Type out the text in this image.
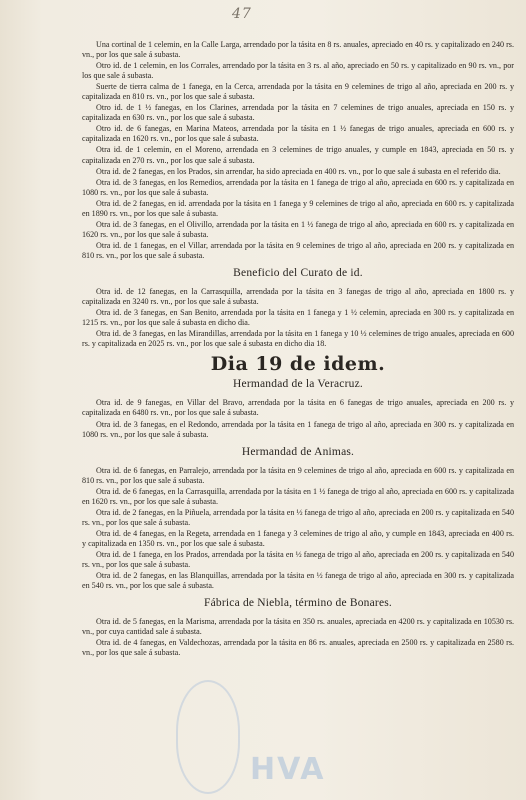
47
HVA

Una cortinal de 1 celemin, en la Calle Larga, arrendado por la tásita en 8 rs. anuales, apreciado en 40 rs. y capitalizado en 240 rs. vn., por los que sale á subasta.

Otro id. de 1 celemin, en los Corrales, arrendado por la tásita en 3 rs. al año, apreciado en 50 rs. y capitalizado en 90 rs. vn., por los que sale á subasta.

Suerte de tierra calma de 1 fanega, en la Cerca, arrendada por la tásita en 9 celemines de trigo al año, apreciada en 200 rs. y capitalizada en 810 rs. vn., por los que sale á subasta.

Otro id. de 1 ½ fanegas, en los Clarines, arrendada por la tásita en 7 celemines de trigo anuales, apreciada en 150 rs. y capitalizada en 630 rs. vn., por los que sale á subasta.

Otro id. de 6 fanegas, en Marina Mateos, arrendada por la tásita en 1 ½ fanegas de trigo anuales, apreciada en 600 rs. y capitalizada en 1620 rs. vn., por los que sale á subasta.

Otra id. de 1 celemin, en el Moreno, arrendada en 3 celemines de trigo anuales, y cumple en 1843, apreciada en 50 rs. y capitalizada en 270 rs. vn., por los que sale á subasta.

Otra id. de 2 fanegas, en los Prados, sin arrendar, ha sido apreciada en 400 rs. vn., por lo que sale á subasta en el referido dia.

Otra id. de 3 fanegas, en los Remedios, arrendada por la tásita en 1 fanega de trigo al año, apreciada en 600 rs. y capitalizada en 1080 rs. vn., por los que sale á subasta.

Otra id. de 2 fanegas, en id. arrendada por la tásita en 1 fanega y 9 celemines de trigo al año, apreciada en 600 rs. y capitalizada en 1890 rs. vn., por los que sale á subasta.

Otra id. de 3 fanegas, en el Olivillo, arrendada por la tásita en 1 ½ fanega de trigo al año, apreciada en 600 rs. y capitalizada en 1620 rs. vn., por los que sale á subasta.

Otra id. de 1 fanegas, en el Villar, arrendada por la tásita en 9 celemines de trigo al año, apreciada en 200 rs. y capitalizada en 810 rs. vn., por los que sale á subasta.

Beneficio del Curato de id.

Otra id. de 12 fanegas, en la Carrasquilla, arrendada por la tásita en 3 fanegas de trigo al año, apreciada en 1800 rs. y capitalizada en 3240 rs. vn., por los que sale á subasta.

Otra id. de 3 fanegas, en San Benito, arrendada por la tásita en 1 fanega y 1 ½ celemin, apreciada en 300 rs. y capitalizada en 1215 rs. vn., por los que sale á subasta en dicho dia.

Otra id. de 3 fanegas, en las Mirandillas, arrendada por la tásita en 1 fanega y 10 ½ celemines de trigo anuales, apreciada en 600 rs. y capitalizada en 2025 rs. vn., por los que sale á subasta en dicho dia 18.

Dia 19 de idem.
Hermandad de la Veracruz.

Otra id. de 9 fanegas, en Villar del Bravo, arrendada por la tásita en 6 fanegas de trigo anuales, apreciada en 200 rs. y capitalizada en 6480 rs. vn., por los que sale á subasta.

Otra id. de 3 fanegas, en el Redondo, arrendada por la tásita en 1 fanega de trigo al año, apreciada en 300 rs. y capitalizada en 1080 rs. vn., por los que sale á subasta.

Hermandad de Animas.

Otra id. de 6 fanegas, en Parralejo, arrendada por la tásita en 9 celemines de trigo al año, apreciada en 600 rs. y capitalizada en 810 rs. vn., por los que sale á subasta.

Otra id. de 6 fanegas, en la Carrasquilla, arrendada por la tásita en 1 ½ fanega de trigo al año, apreciada en 600 rs. y capitalizada en 1620 rs. vn., por los que sale á subasta.

Otra id. de 2 fanegas, en la Piñuela, arrendada por la tásita en ½ fanega de trigo al año, apreciada en 200 rs. y capitalizada en 540 rs. vn., por los que sale á subasta.

Otra id. de 4 fanegas, en la Regeta, arrendada en 1 fanega y 3 celemines de trigo al año, y cumple en 1843, apreciada en 400 rs. y capitalizada en 1350 rs. vn., por los que sale á subasta.

Otra id. de 1 fanega, en los Prados, arrendada por la tásita en ½ fanega de trigo al año, apreciada en 200 rs. y capitalizada en 540 rs. vn., por los que sale á subasta.

Otra id. de 2 fanegas, en las Blanquillas, arrendada por la tásita en ½ fanega de trigo al año, apreciada en 300 rs. y capitalizada en 540 rs. vn., por los que sale á subasta.

Fábrica de Niebla, término de Bonares.

Otra id. de 5 fanegas, en la Marisma, arrendada por la tásita en 350 rs. anuales, apreciada en 4200 rs. y capitalizada en 10530 rs. vn., por cuya cantidad sale á subasta.

Otra id. de 4 fanegas, en Valdechozas, arrendada por la tásita en 86 rs. anuales, apreciada en 2500 rs. y capitalizada en 2580 rs. vn., por los que sale á subasta.
